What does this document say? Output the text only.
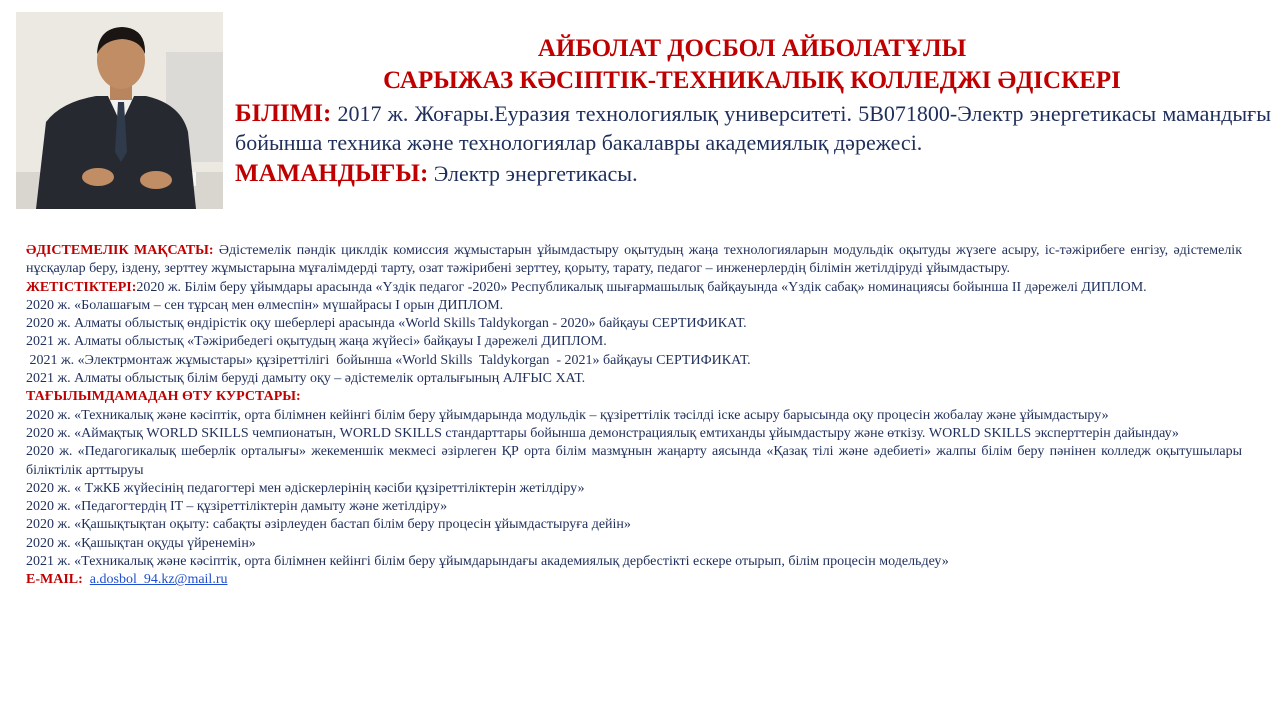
АЙБОЛАТ ДОСБОЛ АЙБОЛАТҰЛЫ
САРЫЖАЗ КӘСІПТІК-ТЕХНИКАЛЫҚ КОЛЛЕДЖІ ӘДІСКЕРІ
БІЛІМІ: 2017 ж. Жоғары.Еуразия технологиялық университеті. 5В071800-Электр энергетикасы мамандығы бойынша техника және технологиялар бакалавры академиялық дәрежесі.
МАМАНДЫҒЫ: Электр энергетикасы.

ӘДІСТЕМЕЛІК МАҚСАТЫ: Әдістемелік пәндік циклдік комиссия жұмыстарын ұйымдастыру оқытудың жаңа технологияларын модульдік оқытуды жүзеге асыру, іс-тәжірибеге енгізу, әдістемелік нұсқаулар беру, іздену, зерттеу жұмыстарына мұғалімдерді тарту, озат тәжірибені зерттеу, қорыту, тарату, педагог – инженерлердің білімін жетілдіруді ұйымдастыру.

ЖЕТІСТІКТЕРІ:2020 ж. Білім беру ұйымдары арасында «Үздік педагог -2020» Республикалық шығармашылық байқауында «Үздік сабақ» номинациясы бойынша ІІ дәрежелі ДИПЛОМ.

2020 ж. «Болашағым – сен тұрсаң мен өлмеспін» мүшайрасы І орын ДИПЛОМ.

2020 ж. Алматы облыстық өндірістік оқу шеберлері арасында «World Skills Taldykorgan - 2020» байқауы СЕРТИФИКАТ.

2021 ж. Алматы облыстық «Тәжірибедегі оқытудың жаңа жүйесі» байқауы І дәрежелі ДИПЛОМ.

2021 ж. «Электрмонтаж жұмыстары» құзіреттілігі  бойынша «World Skills  Taldykorgan  - 2021» байқауы СЕРТИФИКАТ.

2021 ж. Алматы облыстық білім беруді дамыту оқу – әдістемелік орталығының АЛҒЫС ХАТ.

ТАҒЫЛЫМДАМАДАН ӨТУ КУРСТАРЫ:

2020 ж. «Техникалық және кәсіптік, орта білімнен кейінгі білім беру ұйымдарында модульдік – құзіреттілік тәсілді іске асыру барысында оқу процесін жобалау және ұйымдастыру»

2020 ж. «Аймақтық WORLD SKILLS чемпионатын, WORLD SKILLS стандарттары бойынша демонстрациялық емтиханды ұйымдастыру және өткізу. WORLD SKILLS эксперттерін дайындау»

2020 ж. «Педагогикалық шеберлік орталығы» жекеменшік мекмесі әзірлеген ҚР орта білім мазмұнын жаңарту аясында «Қазақ тілі және әдебиеті» жалпы білім беру пәнінен колледж оқытушылары біліктілік арттыруы

2020 ж. « ТжКБ жүйесінің педагогтері мен әдіскерлерінің кәсіби құзіреттіліктерін жетілдіру»

2020 ж. «Педагогтердің IT – құзіреттіліктерін дамыту және жетілдіру»

2020 ж. «Қашықтықтан оқыту: сабақты әзірлеуден бастап білім беру процесін ұйымдастыруға дейін»

2020 ж. «Қашықтан оқуды үйренемін»

2021 ж. «Техникалық және кәсіптік, орта білімнен кейінгі білім беру ұйымдарындағы академиялық дербестікті ескере отырып, білім процесін модельдеу»

E-MAIL: a.dosbol_94.kz@mail.ru
